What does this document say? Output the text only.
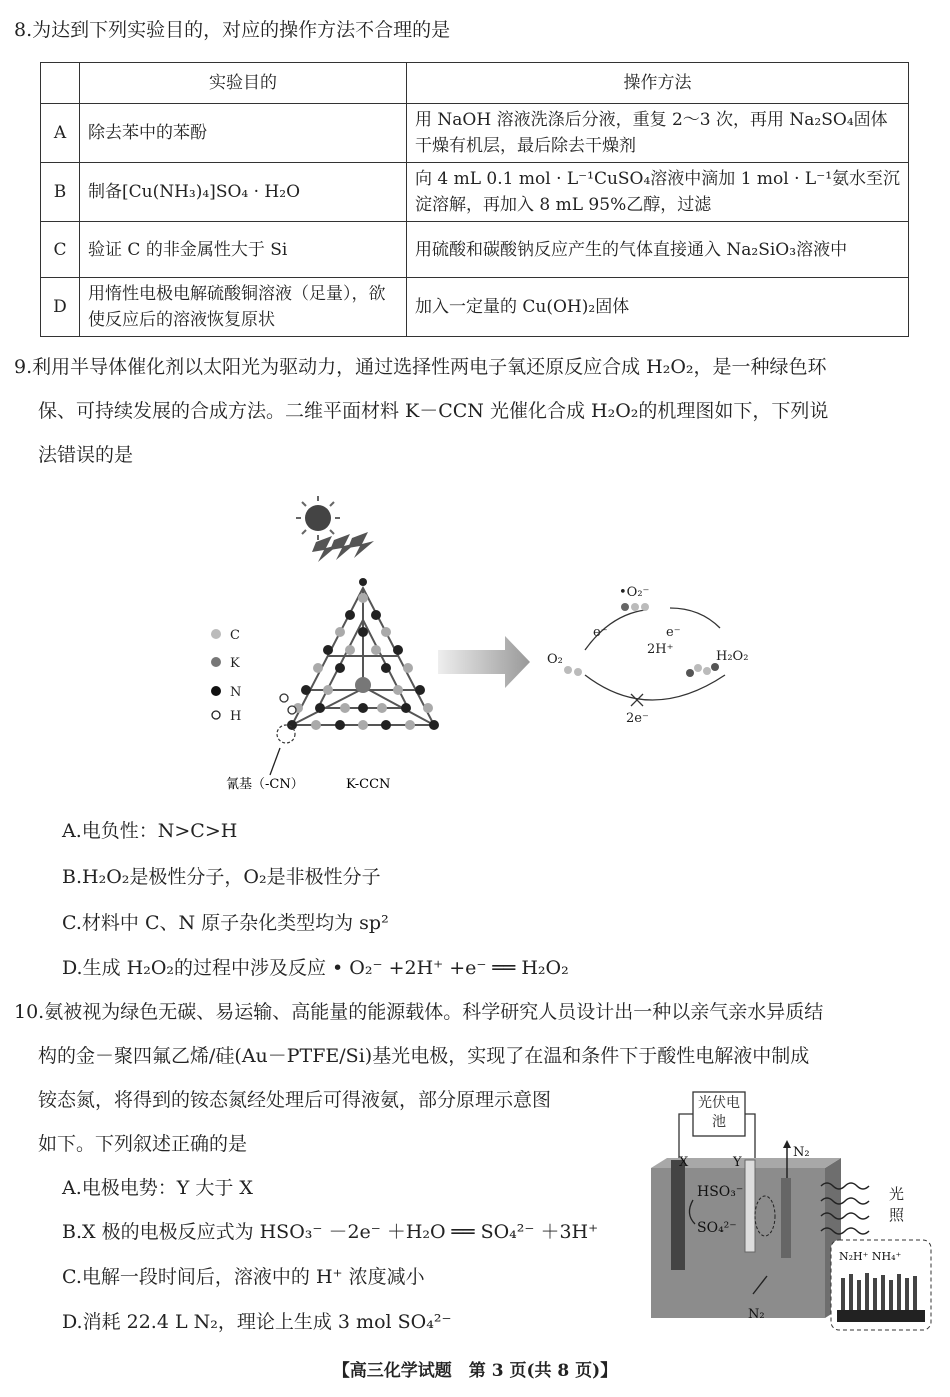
8.为达到下列实验目的，对应的操作方法不合理的是
	实验目的	操作方法
A	除去苯中的苯酚	用 NaOH 溶液洗涤后分液，重复 2～3 次，再用 Na₂SO₄固体干燥有机层，最后除去干燥剂
B	制备[Cu(NH₃)₄]SO₄ · H₂O	向 4 mL 0.1 mol · L⁻¹CuSO₄溶液中滴加 1 mol · L⁻¹氨水至沉淀溶解，再加入 8 mL 95%乙醇，过滤
C	验证 C 的非金属性大于 Si	用硫酸和碳酸钠反应产生的气体直接通入 Na₂SiO₃溶液中
D	用惰性电极电解硫酸铜溶液（足量），欲使反应后的溶液恢复原状	加入一定量的 Cu(OH)₂固体
9.利用半导体催化剂以太阳光为驱动力，通过选择性两电子氧还原反应合成 H₂O₂，是一种绿色环
保、可持续发展的合成方法。二维平面材料 K－CCN 光催化合成 H₂O₂的机理图如下，下列说
法错误的是
C
K
N
H
氰基（-CN）	K-CCN
O₂
•O₂⁻
e⁻	e⁻
2H⁺	H₂O₂
2e⁻
A.电负性：N>C>H
B.H₂O₂是极性分子，O₂是非极性分子
C.材料中 C、N 原子杂化类型均为 sp²
D.生成 H₂O₂的过程中涉及反应 • O₂⁻ +2H⁺ +e⁻ ══ H₂O₂
10.氨被视为绿色无碳、易运输、高能量的能源载体。科学研究人员设计出一种以亲气亲水异质结
构的金－聚四氟乙烯/硅(Au－PTFE/Si)基光电极，实现了在温和条件下于酸性电解液中制成
铵态氮，将得到的铵态氮经处理后可得液氨，部分原理示意图
如下。下列叙述正确的是
A.电极电势：Y 大于 X
B.X 极的电极反应式为 HSO₃⁻ －2e⁻ ＋H₂O ══ SO₄²⁻ ＋3H⁺
C.电解一段时间后，溶液中的 H⁺ 浓度减小
D.消耗 22.4 L N₂，理论上生成 3 mol SO₄²⁻
光伏电池
X	Y
N₂
HSO₃⁻
SO₄²⁻
N₂
光照
N₂H⁺ NH₄⁺
【高三化学试题　第 3 页(共 8 页)】
